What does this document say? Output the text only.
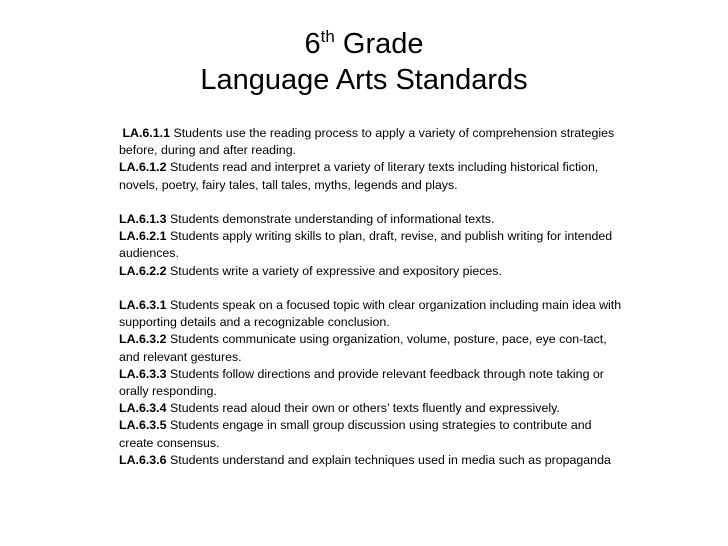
6th Grade
Language Arts Standards

LA.6.1.1 Students use the reading process to apply a variety of comprehension strategies before, during and after reading.

LA.6.1.2 Students read and interpret a variety of literary texts including historical fiction, novels, poetry, fairy tales, tall tales, myths, legends and plays.

LA.6.1.3 Students demonstrate understanding of informational texts.

LA.6.2.1 Students apply writing skills to plan, draft, revise, and publish writing for intended audiences.

LA.6.2.2 Students write a variety of expressive and expository pieces.

LA.6.3.1 Students speak on a focused topic with clear organization including main idea with supporting details and a recognizable conclusion.

LA.6.3.2 Students communicate using organization, volume, posture, pace, eye con-tact, and relevant gestures.

LA.6.3.3 Students follow directions and provide relevant feedback through note taking or orally responding.

LA.6.3.4 Students read aloud their own or others’ texts fluently and expressively.

LA.6.3.5 Students engage in small group discussion using strategies to contribute and create consensus.

LA.6.3.6 Students understand and explain techniques used in media such as propaganda
